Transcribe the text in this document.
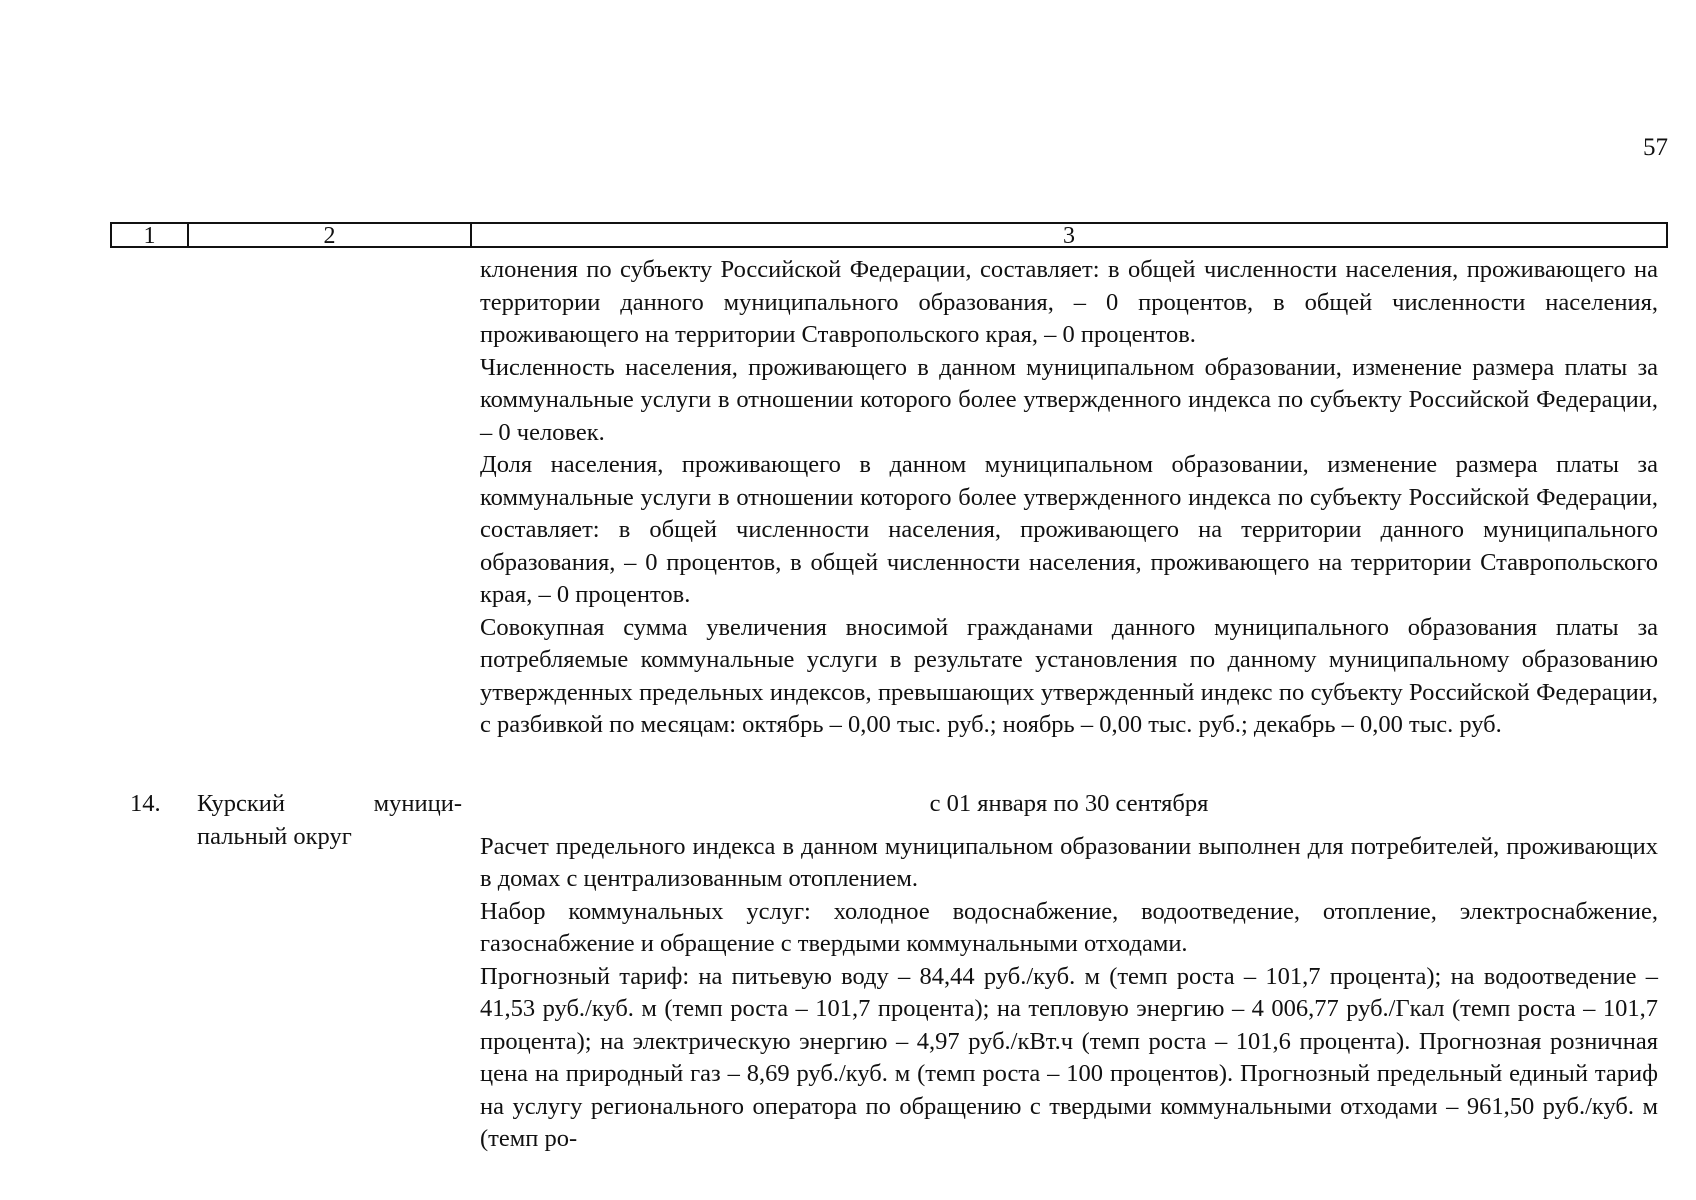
57
1	2	3

клонения по субъекту Российской Федерации, составляет: в общей численности населения, проживающего на территории данного муниципального образования, – 0 процентов, в общей численности населения, проживающего на территории Ставропольского края, – 0 процентов.

Численность населения, проживающего в данном муниципальном образовании, изменение размера платы за коммунальные услуги в отношении которого более утвержденного индекса по субъекту Российской Федерации, – 0 человек.

Доля населения, проживающего в данном муниципальном образовании, изменение размера платы за коммунальные услуги в отношении которого более утвержденного индекса по субъекту Российской Федерации, составляет: в общей численности населения, проживающего на территории данного муниципального образования, – 0 процентов, в общей численности населения, проживающего на территории Ставропольского края, – 0 процентов.

Совокупная сумма увеличения вносимой гражданами данного муниципального образования платы за потребляемые коммунальные услуги в результате установления по данному муниципальному образованию утвержденных предельных индексов, превышающих утвержденный индекс по субъекту Российской Федерации, с разбивкой по месяцам: октябрь – 0,00 тыс. руб.; ноябрь – 0,00 тыс. руб.; декабрь – 0,00 тыс. руб.

14. Курский муници-
пальный округ

с 01 января по 30 сентября

Расчет предельного индекса в данном муниципальном образовании выполнен для потребителей, проживающих в домах с централизованным отоплением.

Набор коммунальных услуг: холодное водоснабжение, водоотведение, отопление, электроснабжение, газоснабжение и обращение с твердыми коммунальными отходами.

Прогнозный тариф: на питьевую воду – 84,44 руб./куб. м (темп роста – 101,7 процента); на водоотведение – 41,53 руб./куб. м (темп роста – 101,7 процента); на тепловую энергию – 4 006,77 руб./Гкал (темп роста – 101,7 процента); на электрическую энергию – 4,97 руб./кВт.ч (темп роста – 101,6 процента). Прогнозная розничная цена на природный газ – 8,69 руб./куб. м (темп роста – 100 процентов). Прогнозный предельный единый тариф на услугу регионального оператора по обращению с твердыми коммунальными отходами – 961,50 руб./куб. м (темп ро-
